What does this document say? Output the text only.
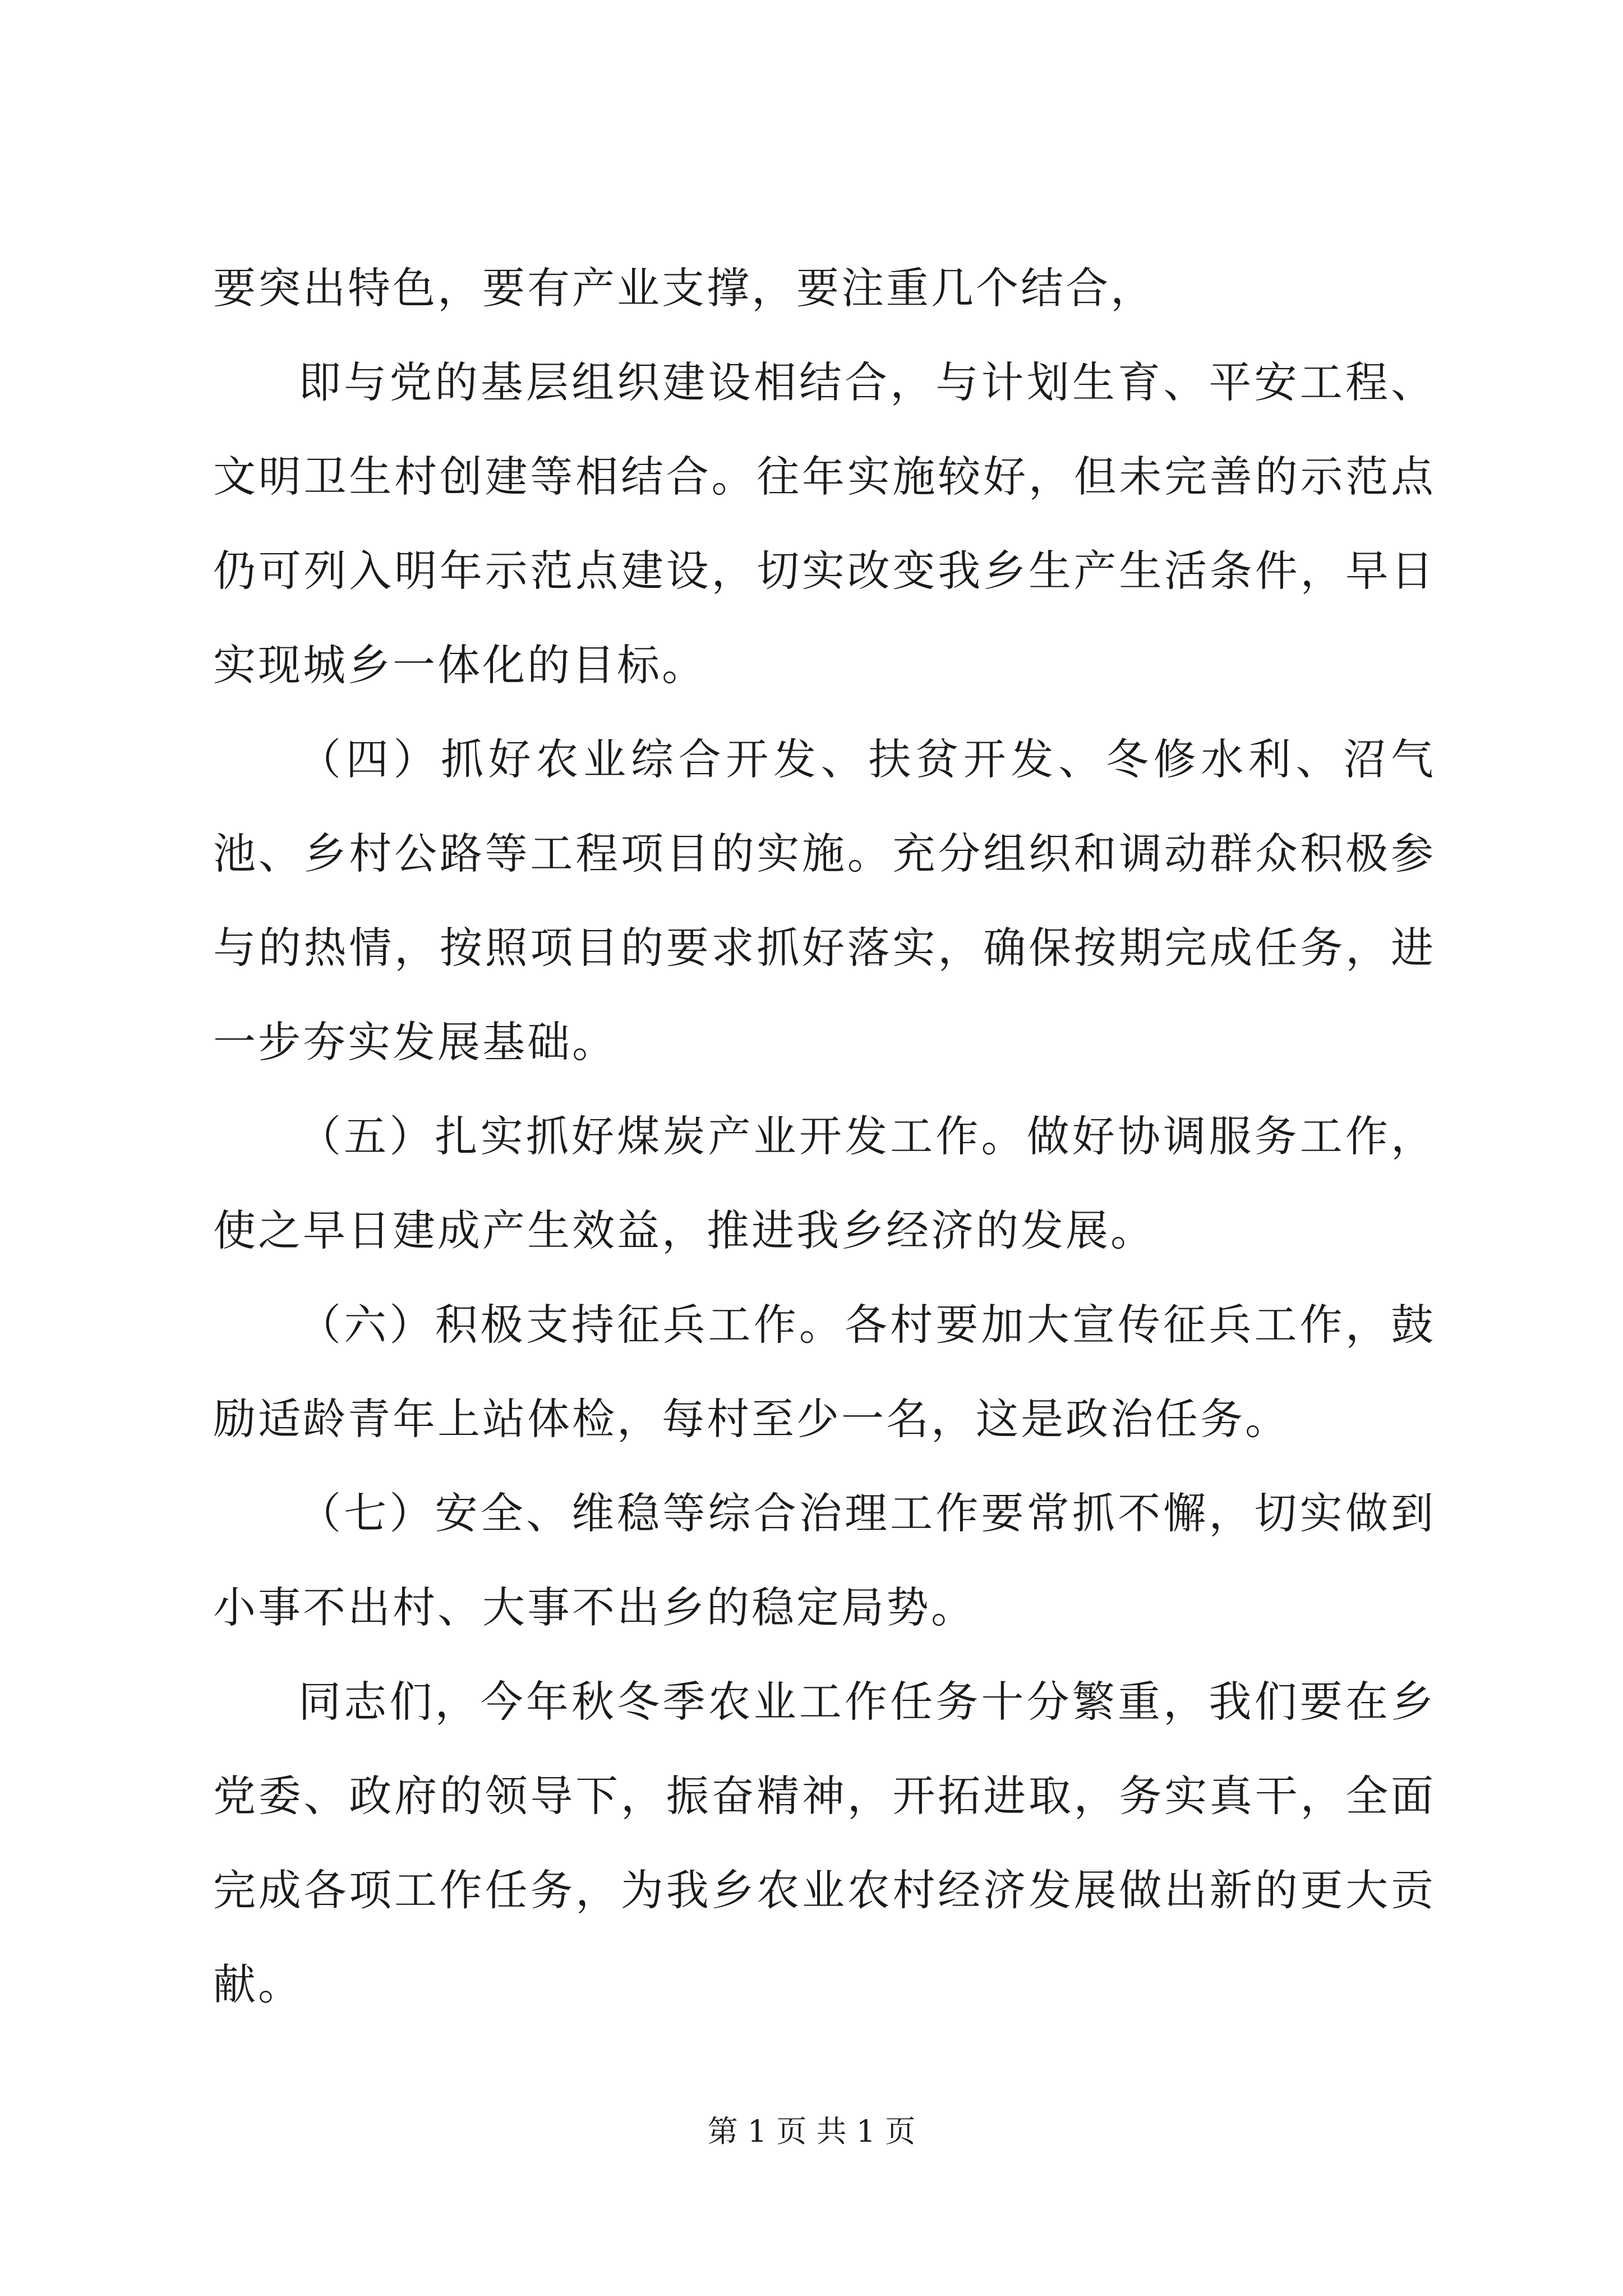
要突出特色，要有产业支撑，要注重几个结合，

即与党的基层组织建设相结合，与计划生育、平安工程、文明卫生村创建等相结合。往年实施较好，但未完善的示范点仍可列入明年示范点建设，切实改变我乡生产生活条件，早日实现城乡一体化的目标。

（四）抓好农业综合开发、扶贫开发、冬修水利、沼气池、乡村公路等工程项目的实施。充分组织和调动群众积极参与的热情，按照项目的要求抓好落实，确保按期完成任务，进一步夯实发展基础。

（五）扎实抓好煤炭产业开发工作。做好协调服务工作，使之早日建成产生效益，推进我乡经济的发展。

（六）积极支持征兵工作。各村要加大宣传征兵工作，鼓励适龄青年上站体检，每村至少一名，这是政治任务。

（七）安全、维稳等综合治理工作要常抓不懈，切实做到小事不出村、大事不出乡的稳定局势。

同志们，今年秋冬季农业工作任务十分繁重，我们要在乡党委、政府的领导下，振奋精神，开拓进取，务实真干，全面完成各项工作任务，为我乡农业农村经济发展做出新的更大贡献。

第 1 页 共 1 页
